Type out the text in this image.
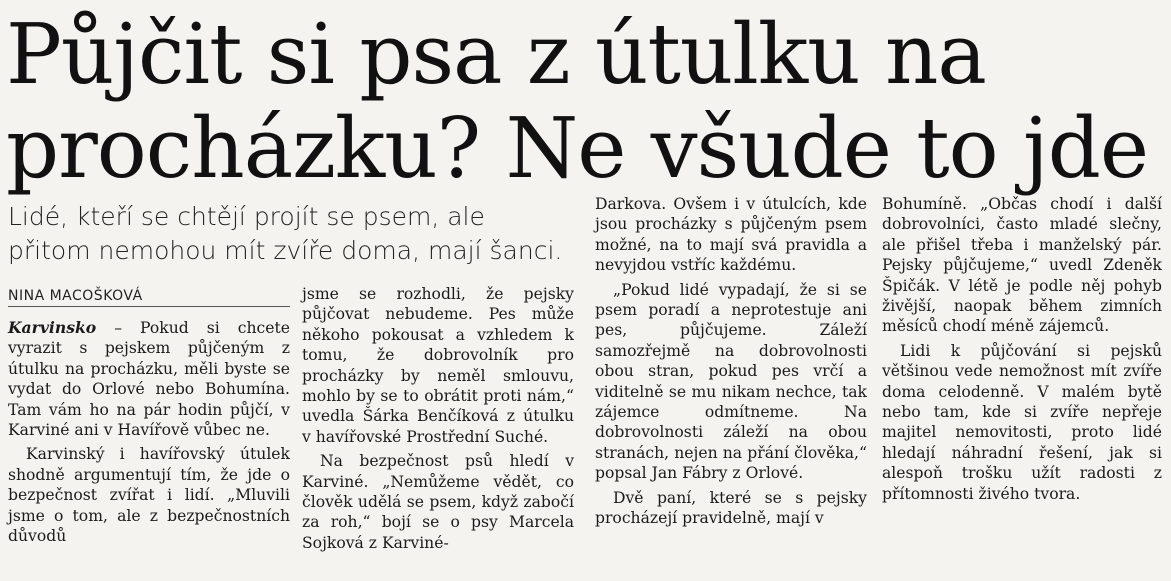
Půjčit si psa z útulku na
procházku? Ne všude to jde
Lidé, kteří se chtějí projít se psem, ale
přitom nemohou mít zvíře doma, mají šanci.
NINA MACOŠKOVÁ

Karvinsko – Pokud si chcete vyrazit s pejskem půjčeným z útulku na procházku, měli byste se vydat do Orlové nebo Bohumína. Tam vám ho na pár hodin půjčí, v Karviné ani v Havířově vůbec ne.

Karvinský i havířovský útulek shodně argumentují tím, že jde o bezpečnost zvířat i lidí. „Mluvili jsme o tom, ale z bezpečnostních důvodů

jsme se rozhodli, že pejsky půjčovat nebudeme. Pes může někoho pokousat a vzhledem k tomu, že dobrovolník pro procházky by neměl smlouvu, mohlo by se to obrátit proti nám,“ uvedla Šárka Benčíková z útulku v havířovské Prostřední Suché.

Na bezpečnost psů hledí v Karviné. „Nemůžeme vědět, co člověk udělá se psem, když zabočí za roh,“ bojí se o psy Marcela Sojková z Karviné-

Darkova. Ovšem i v útulcích, kde jsou procházky s půjčeným psem možné, na to mají svá pravidla a nevyjdou vstříc každému.

„Pokud lidé vypadají, že si se psem poradí a neprotestuje ani pes, půjčujeme. Záleží samozřejmě na dobrovolnosti obou stran, pokud pes vrčí a viditelně se mu nikam nechce, tak zájemce odmítneme. Na dobrovolnosti záleží na obou stranách, nejen na přání člověka,“ popsal Jan Fábry z Orlové.

Dvě paní, které se s pejsky procházejí pravidelně, mají v

Bohumíně. „Občas chodí i další dobrovolníci, často mladé slečny, ale přišel třeba i manželský pár. Pejsky půjčujeme,“ uvedl Zdeněk Špičák. V létě je podle něj pohyb živější, naopak během zimních měsíců chodí méně zájemců.

Lidi k půjčování si pejsků většinou vede nemožnost mít zvíře doma celodenně. V malém bytě nebo tam, kde si zvíře nepřeje majitel nemovitosti, proto lidé hledají náhradní řešení, jak si alespoň trošku užít radosti z přítomnosti živého tvora.
